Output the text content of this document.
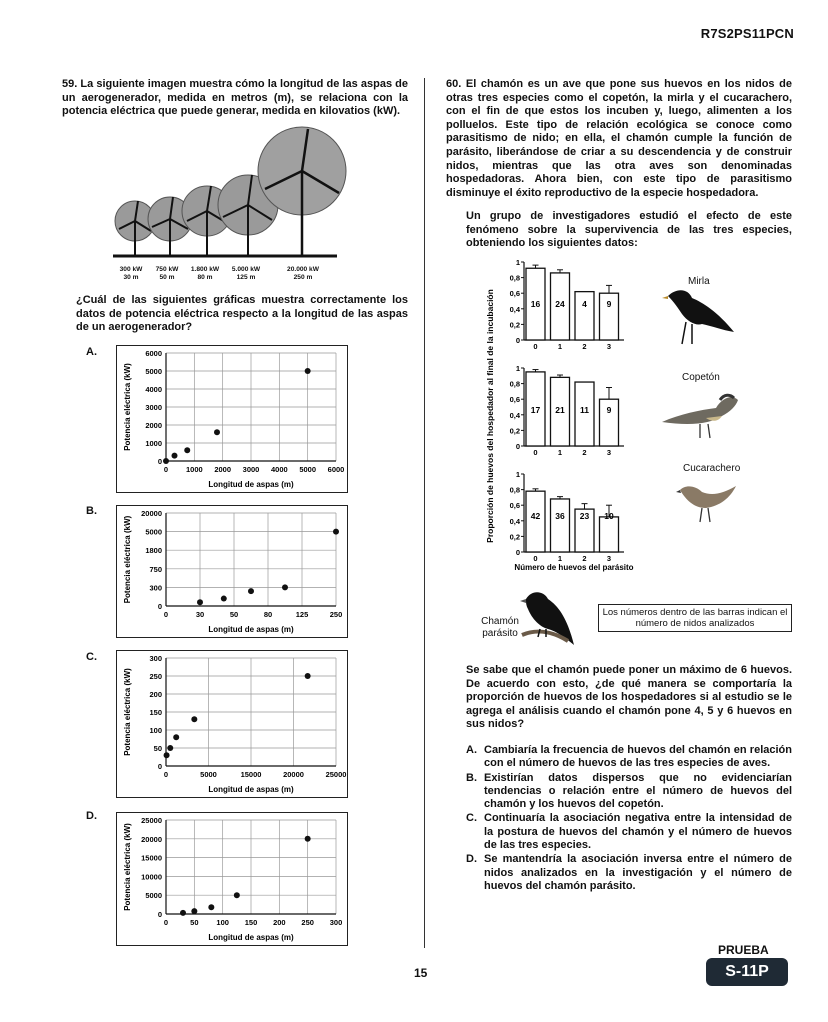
R7S2PS11PCN
59. La siguiente imagen muestra cómo la longitud de las aspas de un aerogenerador, medida en metros (m), se relaciona con la potencia eléctrica que puede generar, medida en kilovatios (kW).
300 kW
30 m
750 kW
50 m
1.800 kW
80 m
5.000 kW
125 m
20.000 kW
250 m
¿Cuál de las siguientes gráficas muestra correctamente los datos de potencia eléctrica respecto a la longitud de las aspas de un aerogenerador?
A.
B.
C.
D.
Potencia eléctrica (kW)
Longitud de aspas (m)
6000
5000
4000
3000
2000
1000
0
0 1000 2000 3000 4000 5000 6000
Potencia eléctrica (kW)
Longitud de aspas (m)
20000
5000
1800
750
300
0
0	30	50	80	125	250
Potencia eléctrica (kW)
Longitud de aspas (m)
300
250
200
150
100
50
0
0	5000	15000	20000	25000
Potencia eléctrica (kW)
Longitud de aspas (m)
25000
20000
15000
10000
5000
0
0	50 100 150 200 250 300
60. El chamón es un ave que pone sus huevos en los nidos de otras tres especies como el copetón, la mirla y el cucarachero, con el fin de que estos los incuben y, luego, alimenten a los polluelos. Este tipo de relación ecológica se conoce como parasitismo de nido; en ella, el chamón cumple la función de parásito, liberándose de criar a su descendencia y de construir nidos, mientras que las otra aves son denominadas hospedadoras. Ahora bien, con este tipo de parasitismo disminuye el éxito reproductivo de la especie hospedadora.
Un grupo de investigadores estudió el efecto de este fenómeno sobre la supervivencia de las tres especies, obteniendo los siguientes datos:
Proporción de huevos del hospedador al final de la incubación
1
0,8
0,6
0,4
0,2
0
16
0
24
1
4
2
9
3
1
0,8
0,6
0,4
0,2
0
17
0
21
1
11
2
9
3
1
0,8
0,6
0,4
0,2
0
42
0
36
1
23
2
10
3
Número de huevos del parásito
Mirla
Copetón
Cucarachero
Chamón parásito
Los números dentro de las barras indican el número de nidos analizados
Se sabe que el chamón puede poner un máximo de 6 huevos. De acuerdo con esto, ¿de qué manera se comportaría la proporción de huevos de los hospedadores si al estudio se le agrega el análisis cuando el chamón pone 4, 5 y 6 huevos en sus nidos?
A. Cambiaría la frecuencia de huevos del chamón en relación con el número de huevos de las tres especies de aves.
B. Existirían datos dispersos que no evidenciarían tendencias o relación entre el número de huevos del chamón y los huevos del copetón.
C. Continuaría la asociación negativa entre la intensidad de la postura de huevos del chamón y el número de huevos de las tres especies.
D. Se mantendría la asociación inversa entre el número de nidos analizados en la investigación y el número de huevos del chamón parásito.
15
PRUEBA
S-11P
